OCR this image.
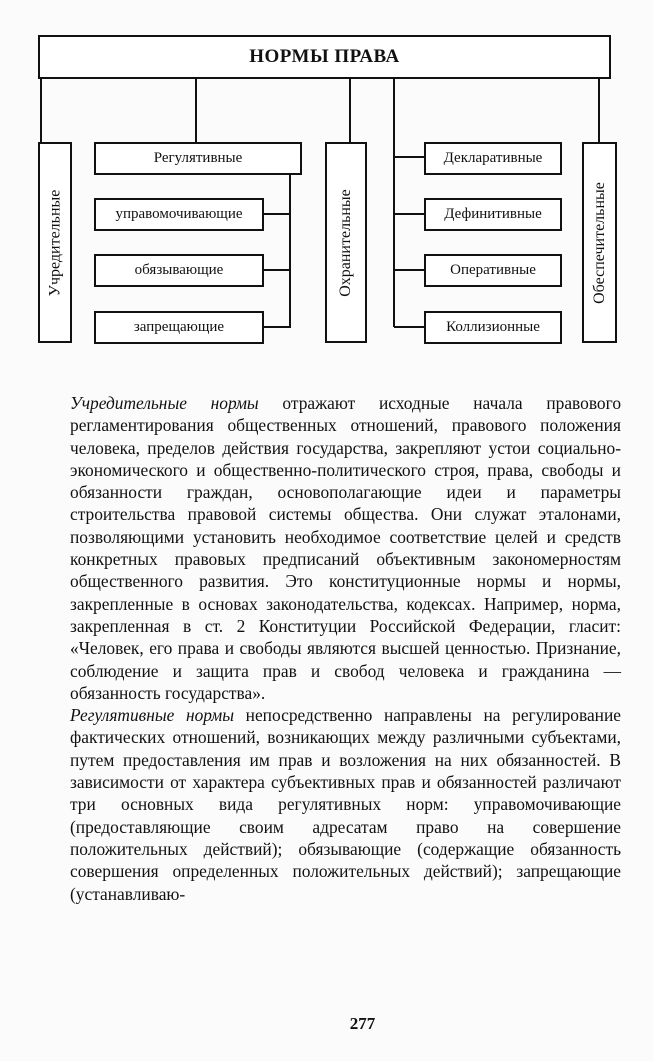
НОРМЫ ПРАВА
Учредительные
Регулятивные
управомочивающие
обязывающие
запрещающие
Охранительные
Декларативные
Дефинитивные
Оперативные
Коллизионные
Обеспечительные

Учредительные нормы отражают исходные начала правового регламентирования общественных отношений, правового положения человека, пределов действия государства, закрепляют устои социально-экономического и общественно-политического строя, права, свободы и обязанности граждан, основополагающие идеи и параметры строительства правовой системы общества. Они служат эталонами, позволяющими установить необходимое соответствие целей и средств конкретных правовых предписаний объективным закономерностям общественного развития. Это конституционные нормы и нормы, закрепленные в основах законодательства, кодексах. Например, норма, закрепленная в ст. 2 Конституции Российской Федерации, гласит: «Человек, его права и свободы являются высшей ценностью. Признание, соблюдение и защита прав и свобод человека и гражданина — обязанность государства».

Регулятивные нормы непосредственно направлены на регулирование фактических отношений, возникающих между различными субъектами, путем предоставления им прав и возложения на них обязанностей. В зависимости от характера субъективных прав и обязанностей различают три основных вида регулятивных норм: управомочивающие (предоставляющие своим адресатам право на совершение положительных действий); обязывающие (содержащие обязанность совершения определенных положительных действий); запрещающие (устанавливаю-

277
